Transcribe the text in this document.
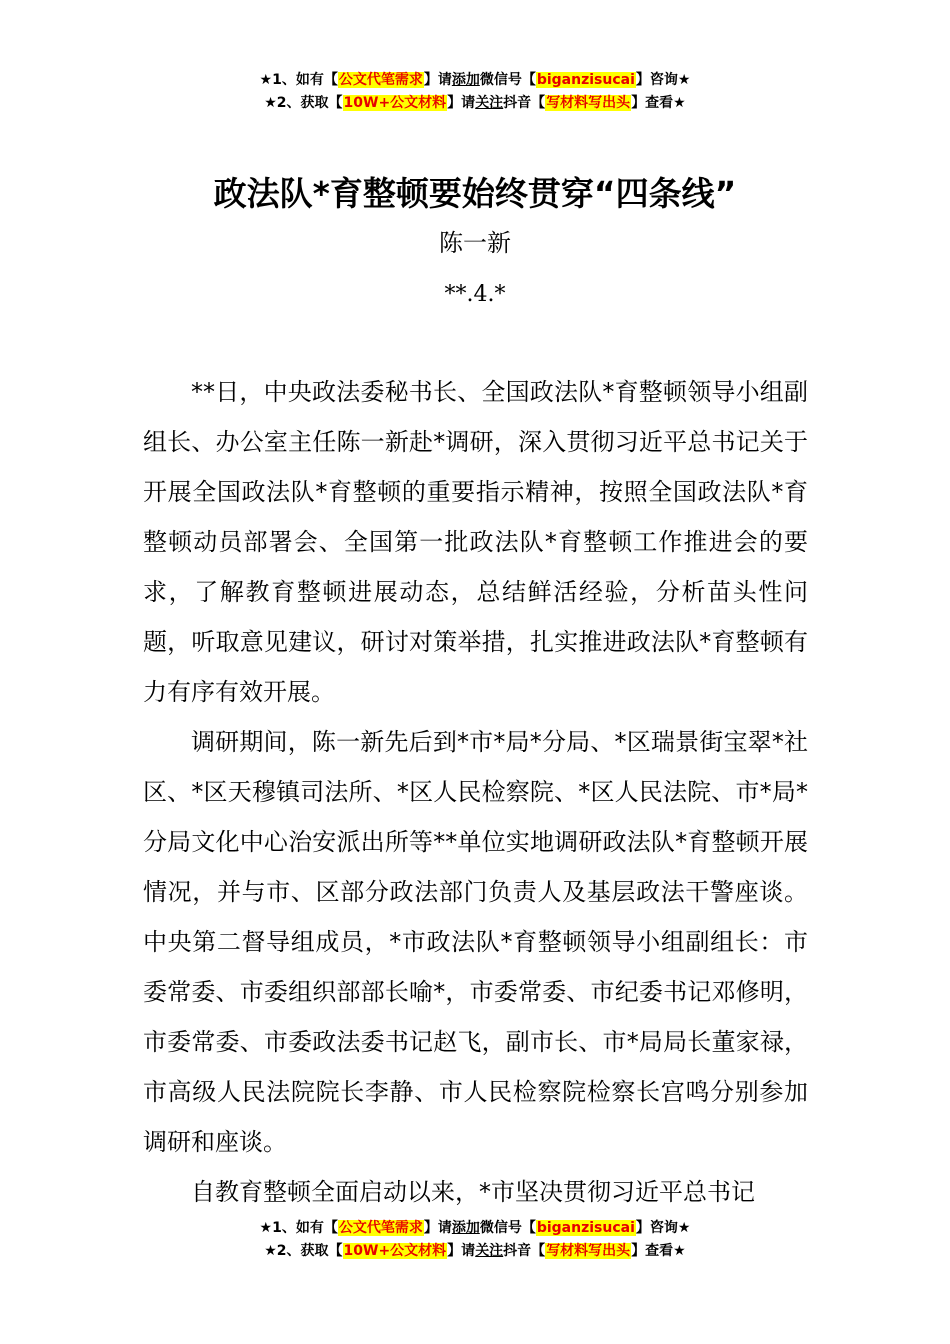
★1、如有【公文代笔需求】请添加微信号【biganzisucai】咨询★
★2、获取【10W+公文材料】请关注抖音【写材料写出头】查看★
政法队*育整顿要始终贯穿“四条线”
陈一新
**.4.*

**日，中央政法委秘书长、全国政法队*育整顿领导小组副组长、办公室主任陈一新赴*调研，深入贯彻习近平总书记关于开展全国政法队*育整顿的重要指示精神，按照全国政法队*育整顿动员部署会、全国第一批政法队*育整顿工作推进会的要求，了解教育整顿进展动态，总结鲜活经验，分析苗头性问题，听取意见建议，研讨对策举措，扎实推进政法队*育整顿有力有序有效开展。

调研期间，陈一新先后到*市*局*分局、*区瑞景街宝翠*社区、*区天穆镇司法所、*区人民检察院、*区人民法院、市*局*分局文化中心治安派出所等**单位实地调研政法队*育整顿开展情况，并与市、区部分政法部门负责人及基层政法干警座谈。中央第二督导组成员，*市政法队*育整顿领导小组副组长：市委常委、市委组织部部长喻*，市委常委、市纪委书记邓修明，市委常委、市委政法委书记赵飞，副市长、市*局局长董家禄，市高级人民法院院长李静、市人民检察院检察长宫鸣分别参加调研和座谈。

自教育整顿全面启动以来，*市坚决贯彻习近平总书记

★1、如有【公文代笔需求】请添加微信号【biganzisucai】咨询★
★2、获取【10W+公文材料】请关注抖音【写材料写出头】查看★
